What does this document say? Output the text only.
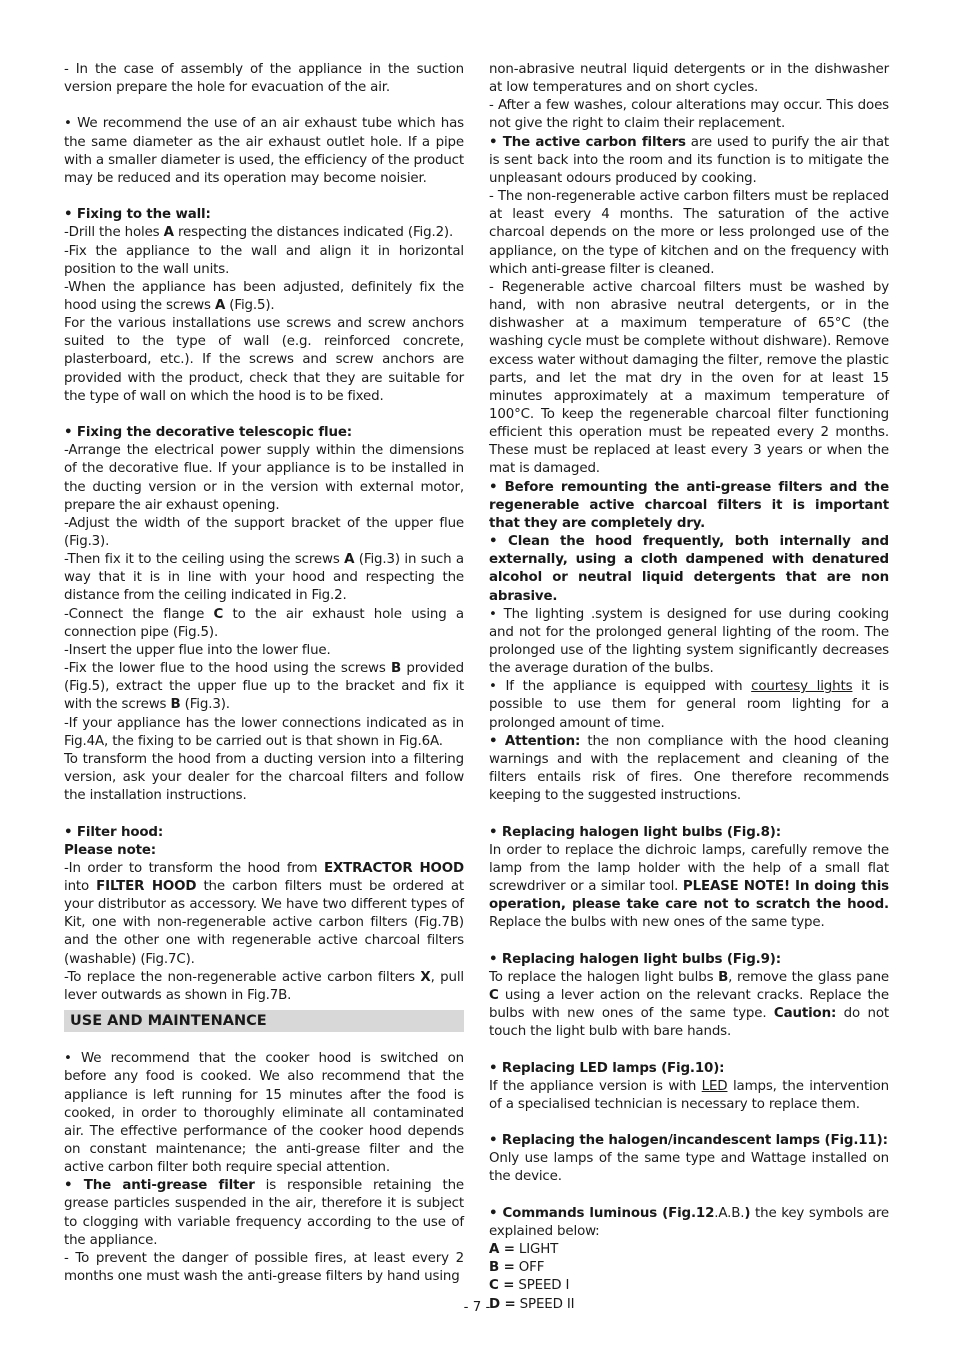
- In the case of assembly of the appliance in the suction version prepare the hole for evacuation of the air.

• We recommend the use of an air exhaust tube which has the same diameter as the air exhaust outlet hole. If a pipe with a smaller diameter is used, the efficiency of the product may be reduced and its operation may become noisier.

• Fixing to the wall:

-Drill the holes A respecting the distances indicated (Fig.2).

-Fix the appliance to the wall and align it in horizontal position to the wall units.

-When the appliance has been adjusted, definitely fix the hood using the screws A (Fig.5).

For the various installations use screws and screw anchors suited to the type of wall (e.g. reinforced concrete, plasterboard, etc.). If the screws and screw anchors are provided with the product, check that they are suitable for the type of wall on which the hood is to be fixed.

• Fixing the decorative telescopic flue:

-Arrange the electrical power supply within the dimensions of the decorative flue. If your appliance is to be installed in the ducting version or in the version with external motor, prepare the air exhaust opening.

-Adjust the width of the support bracket of the upper flue (Fig.3).

-Then fix it to the ceiling using the screws A (Fig.3) in such a way that it is in line with your hood and respecting the distance from the ceiling indicated in Fig.2.

-Connect the flange C to the air exhaust hole using a connection pipe (Fig.5).

-Insert the upper flue into the lower flue.

-Fix the lower flue to the hood using the screws B provided (Fig.5), extract the upper flue up to the bracket and fix it with the screws B (Fig.3).

-If your appliance has the lower connections indicated as in Fig.4A, the fixing to be carried out is that shown in Fig.6A.

To transform the hood from a ducting version into a filtering version, ask your dealer for the charcoal filters and follow the installation instructions.

• Filter hood:

Please note:

-In order to transform the hood from EXTRACTOR HOOD into FILTER HOOD the carbon filters must be ordered at your distributor as accessory. We have two different types of Kit, one with non-regenerable active carbon filters (Fig.7B) and the other one with regenerable active charcoal filters (washable) (Fig.7C).

-To replace the non-regenerable active carbon filters X, pull lever outwards as shown in Fig.7B.

USE AND MAINTENANCE

• We recommend that the cooker hood is switched on before any food is cooked. We also recommend that the appliance is left running for 15 minutes after the food is cooked, in order to thoroughly eliminate all contaminated air. The effective performance of the cooker hood depends on constant maintenance; the anti-grease filter and the active carbon filter both require special attention.

• The anti-grease filter is responsible retaining the grease particles suspended in the air, therefore it is subject to clogging with variable frequency according to the use of the appliance.

- To prevent the danger of possible fires, at least every 2 months one must wash the anti-grease filters by hand using

non-abrasive neutral liquid detergents or in the dishwasher at low temperatures and on short cycles.

- After a few washes, colour alterations may occur. This does not give the right to claim their replacement.

• The active carbon filters are used to purify the air that is sent back into the room and its function is to mitigate the unpleasant odours produced by cooking.

- The non-regenerable active carbon filters must be replaced at least every 4 months. The saturation of the active charcoal depends on the more or less prolonged use of the appliance, on the type of kitchen and on the frequency with which anti-grease filter is cleaned.

- Regenerable active charcoal filters must be washed by hand, with non abrasive neutral detergents, or in the dishwasher at a maximum temperature of 65°C (the washing cycle must be complete without dishware). Remove excess water without damaging the filter, remove the plastic parts, and let the mat dry in the oven for at least 15 minutes approximately at a maximum temperature of 100°C. To keep the regenerable charcoal filter functioning efficient this operation must be repeated every 2 months. These must be replaced at least every 3 years or when the mat is damaged.

• Before remounting the anti-grease filters and the regenerable active charcoal filters it is important that they are completely dry.

• Clean the hood frequently, both internally and externally, using a cloth dampened with denatured alcohol or neutral liquid detergents that are non abrasive.

• The lighting .system is designed for use during cooking and not for the prolonged general lighting of the room. The prolonged use of the lighting system significantly decreases the average duration of the bulbs.

• If the appliance is equipped with courtesy lights it is possible to use them for general room lighting for a prolonged amount of time.

• Attention: the non compliance with the hood cleaning warnings and with the replacement and cleaning of the filters entails risk of fires. One therefore recommends keeping to the suggested instructions.

• Replacing halogen light bulbs (Fig.8):

In order to replace the dichroic lamps, carefully remove the lamp from the lamp holder with the help of a small flat screwdriver or a similar tool. PLEASE NOTE! In doing this operation, please take care not to scratch the hood. Replace the bulbs with new ones of the same type.

• Replacing halogen light bulbs (Fig.9):

To replace the halogen light bulbs B, remove the glass pane C using a lever action on the relevant cracks. Replace the bulbs with new ones of the same type. Caution: do not touch the light bulb with bare hands.

• Replacing LED lamps (Fig.10):

If the appliance version is with LED lamps, the intervention of a specialised technician is necessary to replace them.

• Replacing the halogen/incandescent lamps (Fig.11):

Only use lamps of the same type and Wattage installed on the device.

• Commands luminous (Fig.12.A.B.) the key symbols are explained below:

A = LIGHT

B = OFF

C = SPEED I

D = SPEED II

- 7 -
